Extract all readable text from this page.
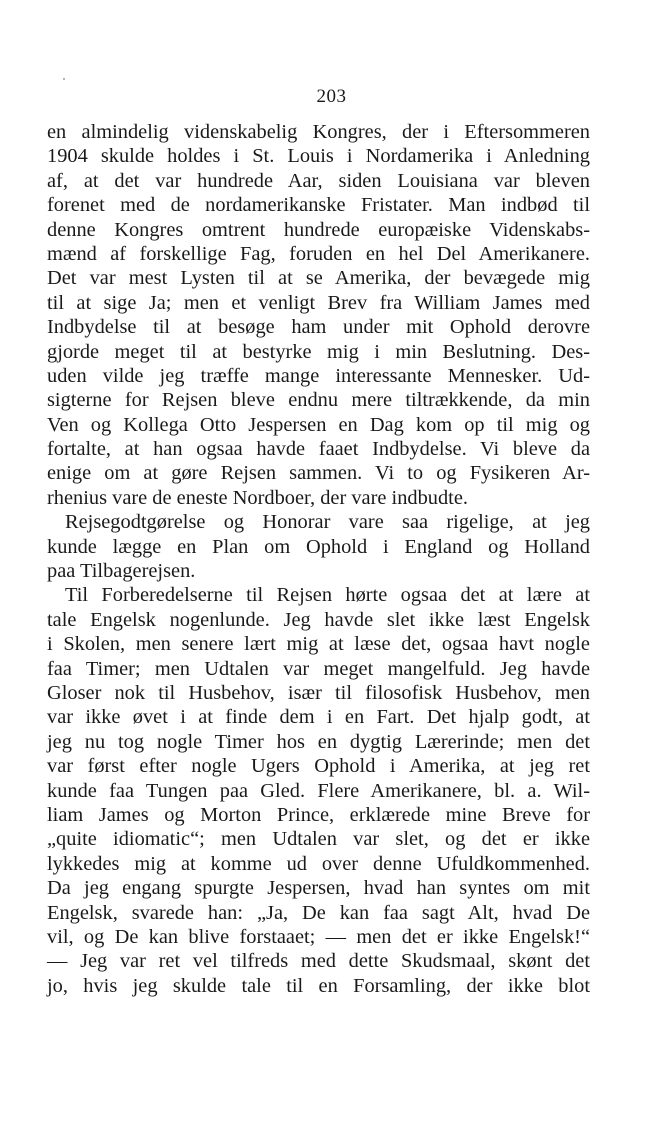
203
en almindelig videnskabelig Kongres, der i Eftersommeren
1904 skulde holdes i St. Louis i Nordamerika i Anledning
af, at det var hundrede Aar, siden Louisiana var bleven
forenet med de nordamerikanske Fristater. Man indbød til
denne Kongres omtrent hundrede europæiske Videnskabs-
mænd af forskellige Fag, foruden en hel Del Amerikanere.
Det var mest Lysten til at se Amerika, der bevægede mig
til at sige Ja; men et venligt Brev fra William James med
Indbydelse til at besøge ham under mit Ophold derovre
gjorde meget til at bestyrke mig i min Beslutning. Des-
uden vilde jeg træffe mange interessante Mennesker. Ud-
sigterne for Rejsen bleve endnu mere tiltrækkende, da min
Ven og Kollega Otto Jespersen en Dag kom op til mig og
fortalte, at han ogsaa havde faaet Indbydelse. Vi bleve da
enige om at gøre Rejsen sammen. Vi to og Fysikeren Ar-
rhenius vare de eneste Nordboer, der vare indbudte.
Rejsegodtgørelse og Honorar vare saa rigelige, at jeg
kunde lægge en Plan om Ophold i England og Holland
paa Tilbagerejsen.
Til Forberedelserne til Rejsen hørte ogsaa det at lære at
tale Engelsk nogenlunde. Jeg havde slet ikke læst Engelsk
i Skolen, men senere lært mig at læse det, ogsaa havt nogle
faa Timer; men Udtalen var meget mangelfuld. Jeg havde
Gloser nok til Husbehov, især til filosofisk Husbehov, men
var ikke øvet i at finde dem i en Fart. Det hjalp godt, at
jeg nu tog nogle Timer hos en dygtig Lærerinde; men det
var først efter nogle Ugers Ophold i Amerika, at jeg ret
kunde faa Tungen paa Gled. Flere Amerikanere, bl. a. Wil-
liam James og Morton Prince, erklærede mine Breve for
„quite idiomatic“; men Udtalen var slet, og det er ikke
lykkedes mig at komme ud over denne Ufuldkommenhed.
Da jeg engang spurgte Jespersen, hvad han syntes om mit
Engelsk, svarede han: „Ja, De kan faa sagt Alt, hvad De
vil, og De kan blive forstaaet; — men det er ikke Engelsk!“
— Jeg var ret vel tilfreds med dette Skudsmaal, skønt det
jo, hvis jeg skulde tale til en Forsamling, der ikke blot
